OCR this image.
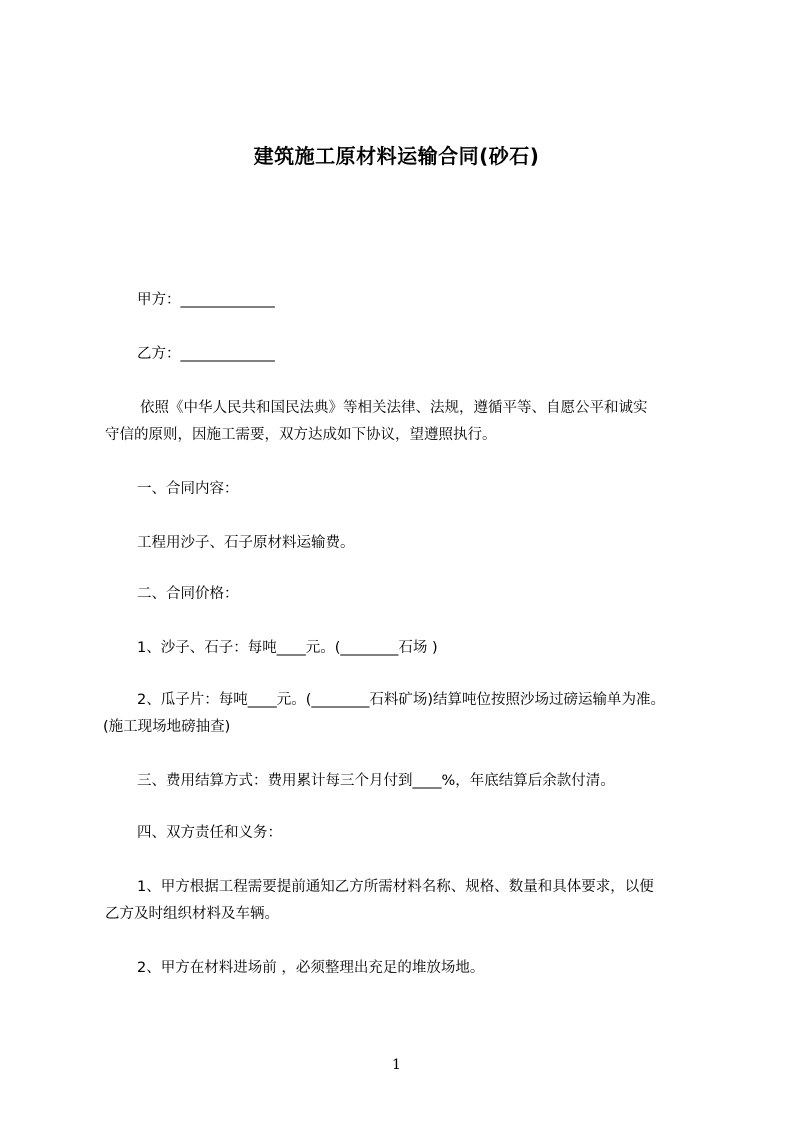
建筑施工原材料运输合同(砂石)
甲方：_____________
乙方：_____________
依照《中华人民共和国民法典》等相关法律、法规，遵循平等、自愿公平和诚实
守信的原则，因施工需要，双方达成如下协议，望遵照执行。
一、合同内容：
工程用沙子、石子原材料运输费。
二、合同价格：
1、沙子、石子：每吨____元。(________石场 )
2、瓜子片：每吨____元。(________石料矿场)结算吨位按照沙场过磅运输单为准。
(施工现场地磅抽查)
三、费用结算方式：费用累计每三个月付到____%，年底结算后余款付清。
四、双方责任和义务：
1、甲方根据工程需要提前通知乙方所需材料名称、规格、数量和具体要求，以便
乙方及时组织材料及车辆。
2、甲方在材料进场前 ，必须整理出充足的堆放场地。
1
